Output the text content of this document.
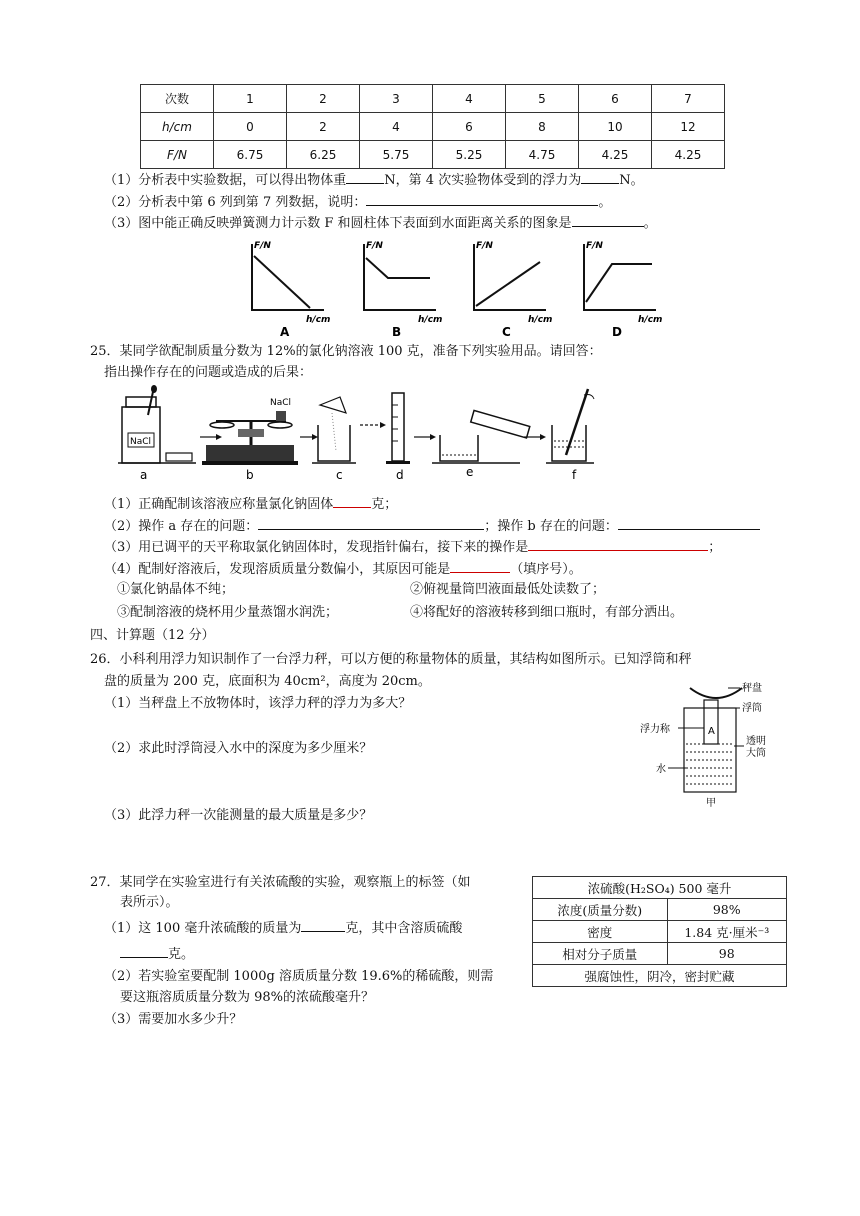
次数	1	2	3	4	5	6	7
h/cm	0	2	4	6	8	10	12
F/N	6.75	6.25	5.75	5.25	4.75	4.25	4.25
（1）分析表中实验数据，可以得出物体重	N，第 4 次实验物体受到的浮力为	N。
（2）分析表中第 6 列到第 7 列数据，说明：	。
（3）图中能正确反映弹簧测力计示数 F 和圆柱体下表面到水面距离关系的图象是	。
F/N
h/cm
A
F/N
h/cm
B
F/N
h/cm
C
F/N
h/cm
D
25．某同学欲配制质量分数为 12%的氯化钠溶液 100 克，准备下列实验用品。请回答：
指出操作存在的问题或造成的后果：
NaCl
NaCl
a	b	c	d	e	f
（1）正确配制该溶液应称量氯化钠固体	克；
（2）操作 a 存在的问题：	；操作 b 存在的问题：
（3）用已调平的天平称取氯化钠固体时，发现指针偏右，接下来的操作是	；
（4）配制好溶液后，发现溶质质量分数偏小，其原因可能是	（填序号）。
①氯化钠晶体不纯；	②俯视量筒凹液面最低处读数了；
③配制溶液的烧杯用少量蒸馏水润洗；	④将配好的溶液转移到细口瓶时，有部分洒出。
四、计算题（12 分）
26．小科利用浮力知识制作了一台浮力秤，可以方便的称量物体的质量，其结构如图所示。已知浮筒和秤
盘的质量为 200 克，底面积为 40cm²，高度为 20cm。
（1）当秤盘上不放物体时，该浮力秤的浮力为多大？
（2）求此时浮筒浸入水中的深度为多少厘米？
（3）此浮力秤一次能测量的最大质量是多少？
秤盘
浮筒
浮力称	A
透明
大筒
水
甲
27．某同学在实验室进行有关浓硫酸的实验，观察瓶上的标签（如
表所示）。
（1）这 100 毫升浓硫酸的质量为	克，其中含溶质硫酸
克。
（2）若实验室要配制 1000g 溶质质量分数 19.6%的稀硫酸，则需
要这瓶溶质质量分数为 98%的浓硫酸毫升？
（3）需要加水多少升？
浓硫酸(H₂SO₄) 500 毫升	
浓度(质量分数)	98%
密度	1.84 克·厘米⁻³
相对分子质量	98
强腐蚀性，阴冷，密封贮藏	
